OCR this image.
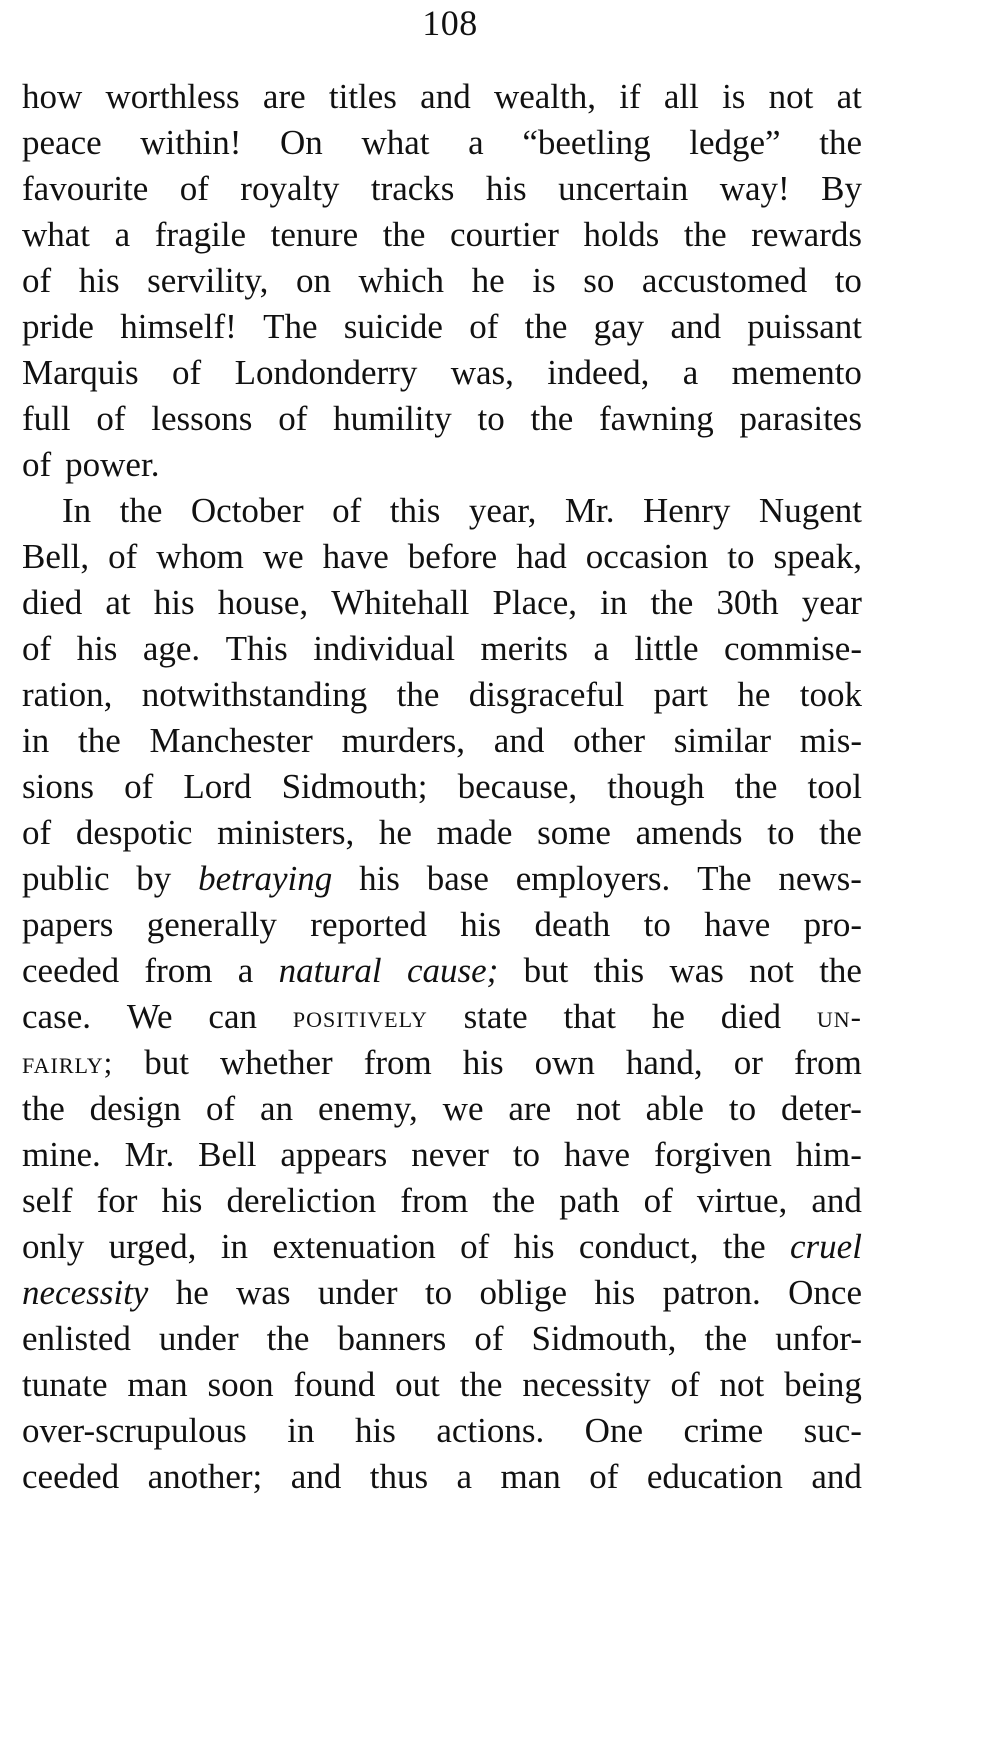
108
how worthless are titles and wealth, if all is not at
peace within! On what a “beetling ledge” the
favourite of royalty tracks his uncertain way! By
what a fragile tenure the courtier holds the rewards
of his servility, on which he is so accustomed to
pride himself! The suicide of the gay and puissant
Marquis of Londonderry was, indeed, a memento
full of lessons of humility to the fawning parasites
of power.
In the October of this year, Mr. Henry Nugent
Bell, of whom we have before had occasion to speak,
died at his house, Whitehall Place, in the 30th year
of his age. This individual merits a little commise-
ration, notwithstanding the disgraceful part he took
in the Manchester murders, and other similar mis-
sions of Lord Sidmouth; because, though the tool
of despotic ministers, he made some amends to the
public by betraying his base employers. The news-
papers generally reported his death to have pro-
ceeded from a natural cause; but this was not the
case. We can positively state that he died un-
fairly; but whether from his own hand, or from
the design of an enemy, we are not able to deter-
mine. Mr. Bell appears never to have forgiven him-
self for his dereliction from the path of virtue, and
only urged, in extenuation of his conduct, the cruel
necessity he was under to oblige his patron. Once
enlisted under the banners of Sidmouth, the unfor-
tunate man soon found out the necessity of not being
over-scrupulous in his actions. One crime suc-
ceeded another; and thus a man of education and
